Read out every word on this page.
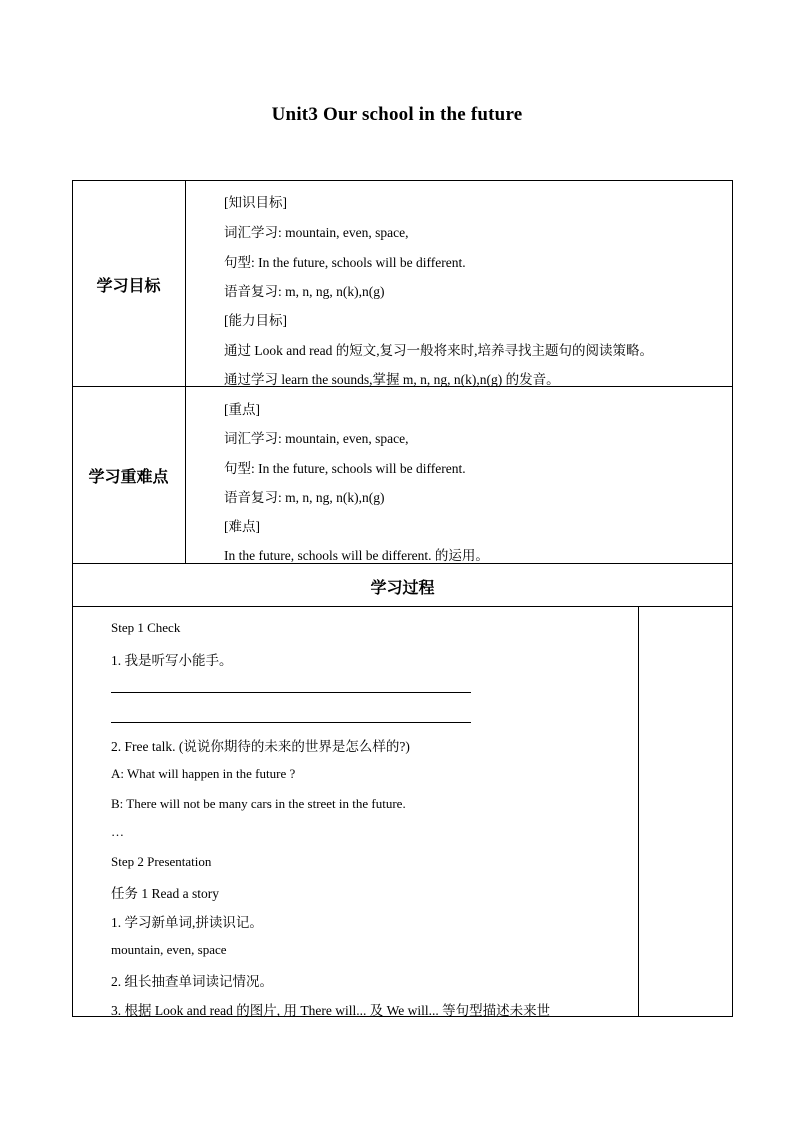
Unit3 Our school in the future
学习目标
[知识目标]
词汇学习: mountain, even, space,
句型: In the future, schools will be different.
语音复习: m, n, ng, n(k),n(g)
[能力目标]
通过 Look and read 的短文,复习一般将来时,培养寻找主题句的阅读策略。
通过学习 learn the sounds,掌握 m, n, ng, n(k),n(g) 的发音。
学习重难点
[重点]
词汇学习: mountain, even, space,
句型: In the future, schools will be different.
语音复习: m, n, ng, n(k),n(g)
[难点]
In the future, schools will be different. 的运用。
学习过程
Step 1 Check
1. 我是听写小能手。
2. Free talk. (说说你期待的未来的世界是怎么样的?)
A: What will happen in the future ?
B: There will not be many cars in the street in the future.
…
Step 2 Presentation
任务 1 Read a story
1. 学习新单词,拼读识记。
mountain, even, space
2. 组长抽查单词读记情况。
3. 根据 Look and read 的图片, 用 There will... 及 We will... 等句型描述未来世
